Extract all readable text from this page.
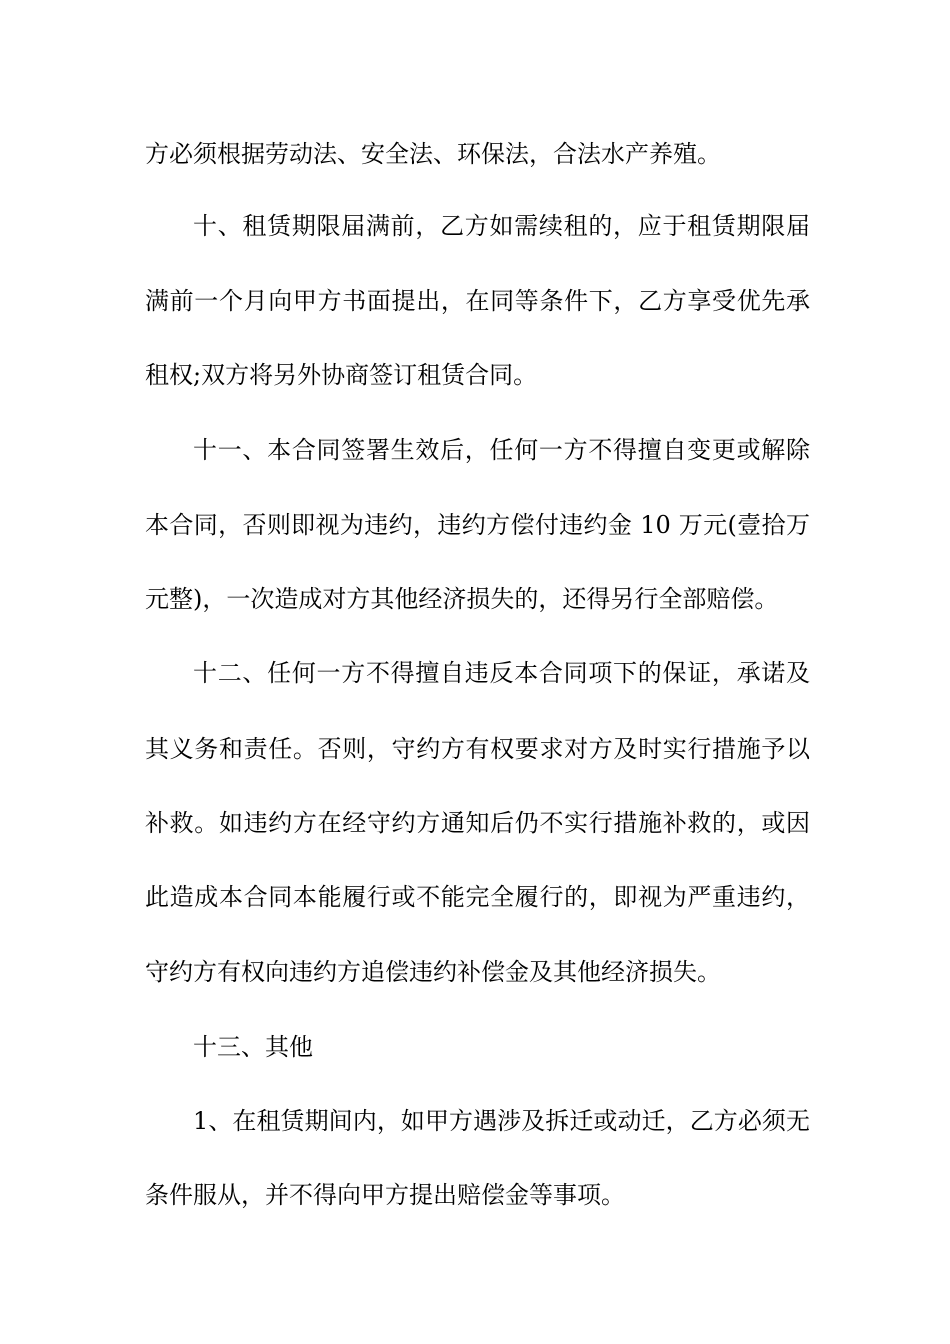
方必须根据劳动法、安全法、环保法，合法水产养殖。
十、租赁期限届满前，乙方如需续租的，应于租赁期限届
满前一个月向甲方书面提出，在同等条件下，乙方享受优先承
租权;双方将另外协商签订租赁合同。
十一、本合同签署生效后，任何一方不得擅自变更或解除
本合同，否则即视为违约，违约方偿付违约金 10 万元(壹拾万
元整)，一次造成对方其他经济损失的，还得另行全部赔偿。
十二、任何一方不得擅自违反本合同项下的保证，承诺及
其义务和责任。否则，守约方有权要求对方及时实行措施予以
补救。如违约方在经守约方通知后仍不实行措施补救的，或因
此造成本合同本能履行或不能完全履行的，即视为严重违约，
守约方有权向违约方追偿违约补偿金及其他经济损失。
十三、其他
1、在租赁期间内，如甲方遇涉及拆迁或动迁，乙方必须无
条件服从，并不得向甲方提出赔偿金等事项。
